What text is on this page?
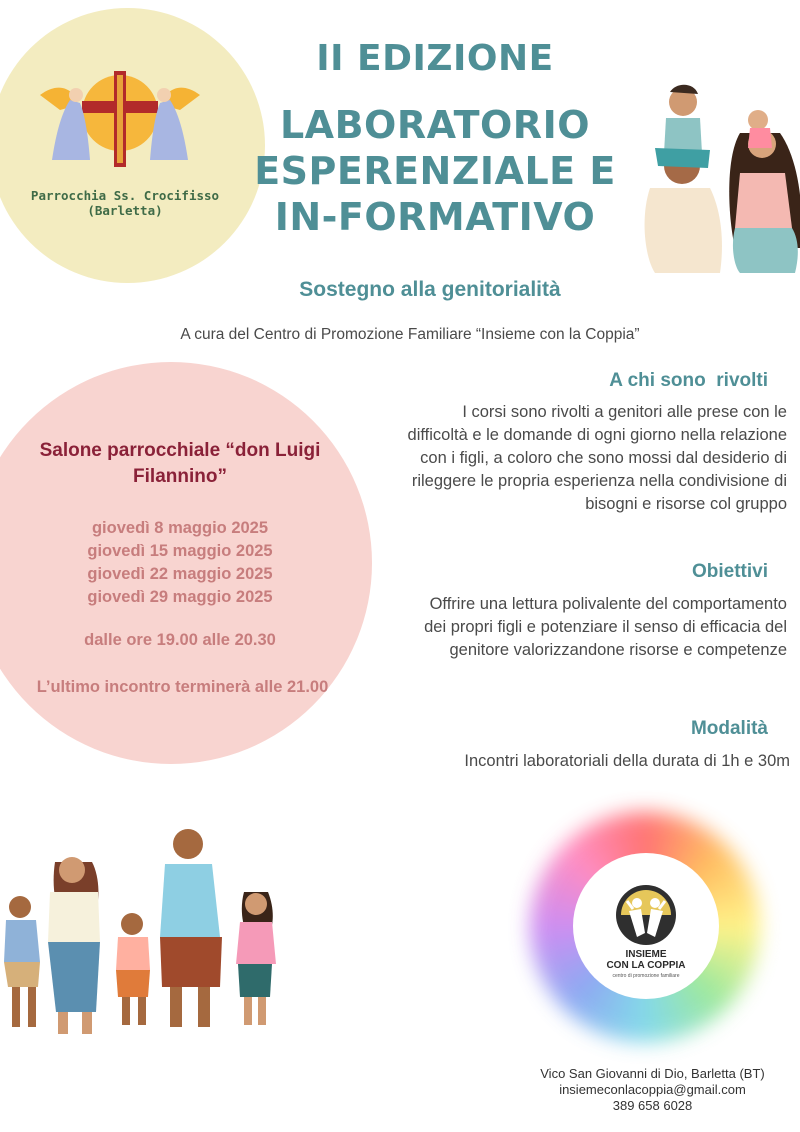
Parrocchia Ss. Crocifisso
(Barletta)
II EDIZIONE
LABORATORIO
ESPERENZIALE E
IN-FORMATIVO
Sostegno alla genitorialità
A cura del Centro di Promozione Familiare “Insieme con la Coppia”
Salone parrocchiale “don Luigi Filannino”
giovedì 8 maggio 2025
giovedì 15 maggio 2025
giovedì 22 maggio 2025
giovedì 29 maggio 2025
dalle ore 19.00 alle 20.30
L’ultimo incontro terminerà alle 21.00
A chi sono  rivolti
I corsi sono rivolti a genitori alle prese con le difficoltà e le domande di ogni giorno nella relazione con i figli, a coloro che sono mossi dal desiderio di rileggere le propria esperienza nella condivisione di bisogni e risorse col gruppo
Obiettivi
Offrire una lettura polivalente del comportamento dei propri figli e potenziare il senso di efficacia del genitore valorizzandone risorse e competenze
Modalità
Incontri laboratoriali della durata di 1h e 30m
INSIEME
CON LA COPPIA
centro di promozione familiare
Vico San Giovanni di Dio, Barletta (BT)
insiemeconlacoppia@gmail.com
389 658 6028
